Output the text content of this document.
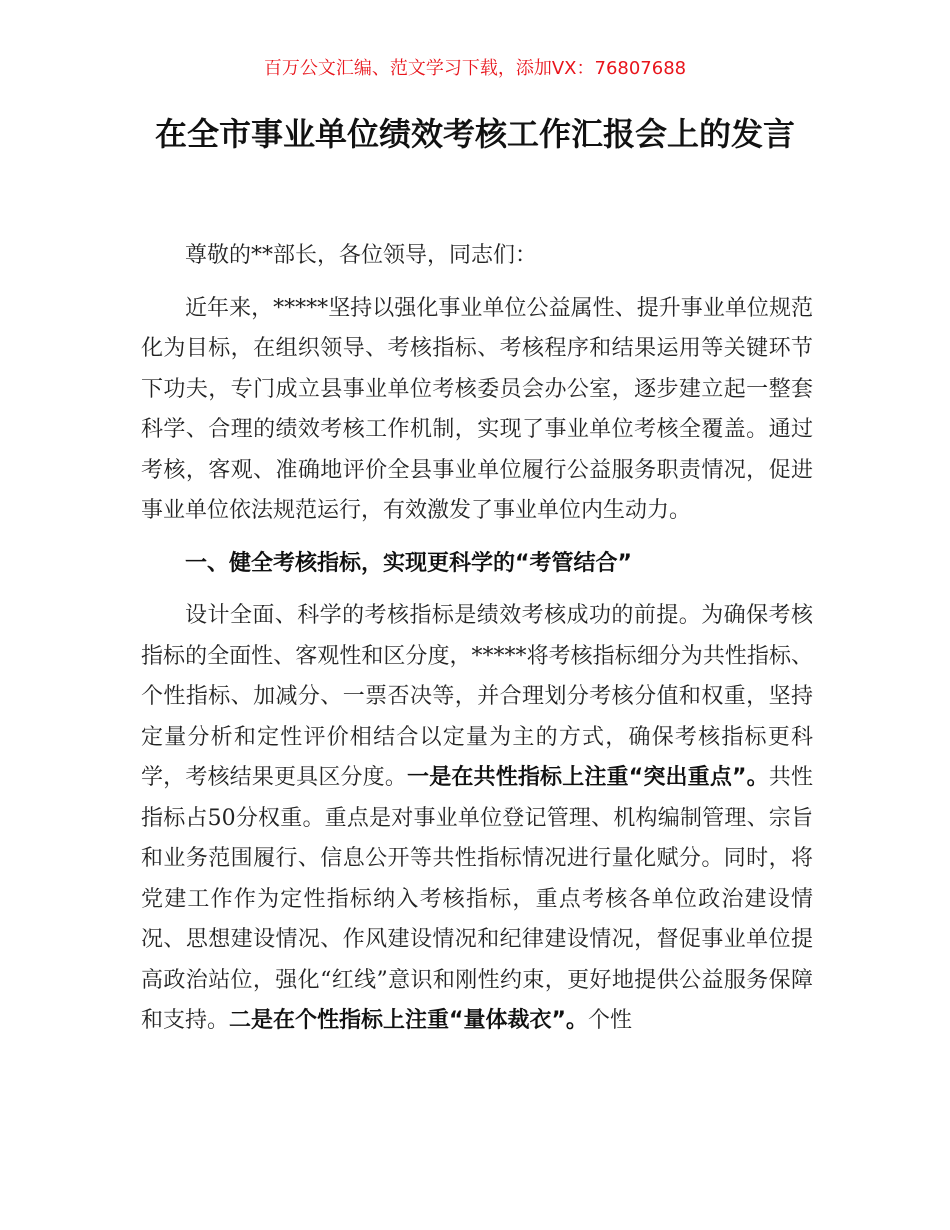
百万公文汇编、范文学习下载，添加VX：76807688
在全市事业单位绩效考核工作汇报会上的发言

尊敬的**部长，各位领导，同志们：

近年来，*****坚持以强化事业单位公益属性、提升事业单位规范化为目标，在组织领导、考核指标、考核程序和结果运用等关键环节下功夫，专门成立县事业单位考核委员会办公室，逐步建立起一整套科学、合理的绩效考核工作机制，实现了事业单位考核全覆盖。通过考核，客观、准确地评价全县事业单位履行公益服务职责情况，促进事业单位依法规范运行，有效激发了事业单位内生动力。

一、健全考核指标，实现更科学的“考管结合”

设计全面、科学的考核指标是绩效考核成功的前提。为确保考核指标的全面性、客观性和区分度，*****将考核指标细分为共性指标、个性指标、加减分、一票否决等，并合理划分考核分值和权重，坚持定量分析和定性评价相结合以定量为主的方式，确保考核指标更科学，考核结果更具区分度。一是在共性指标上注重“突出重点”。共性指标占50分权重。重点是对事业单位登记管理、机构编制管理、宗旨和业务范围履行、信息公开等共性指标情况进行量化赋分。同时，将党建工作作为定性指标纳入考核指标，重点考核各单位政治建设情况、思想建设情况、作风建设情况和纪律建设情况，督促事业单位提高政治站位，强化“红线”意识和刚性约束，更好地提供公益服务保障和支持。二是在个性指标上注重“量体裁衣”。个性
